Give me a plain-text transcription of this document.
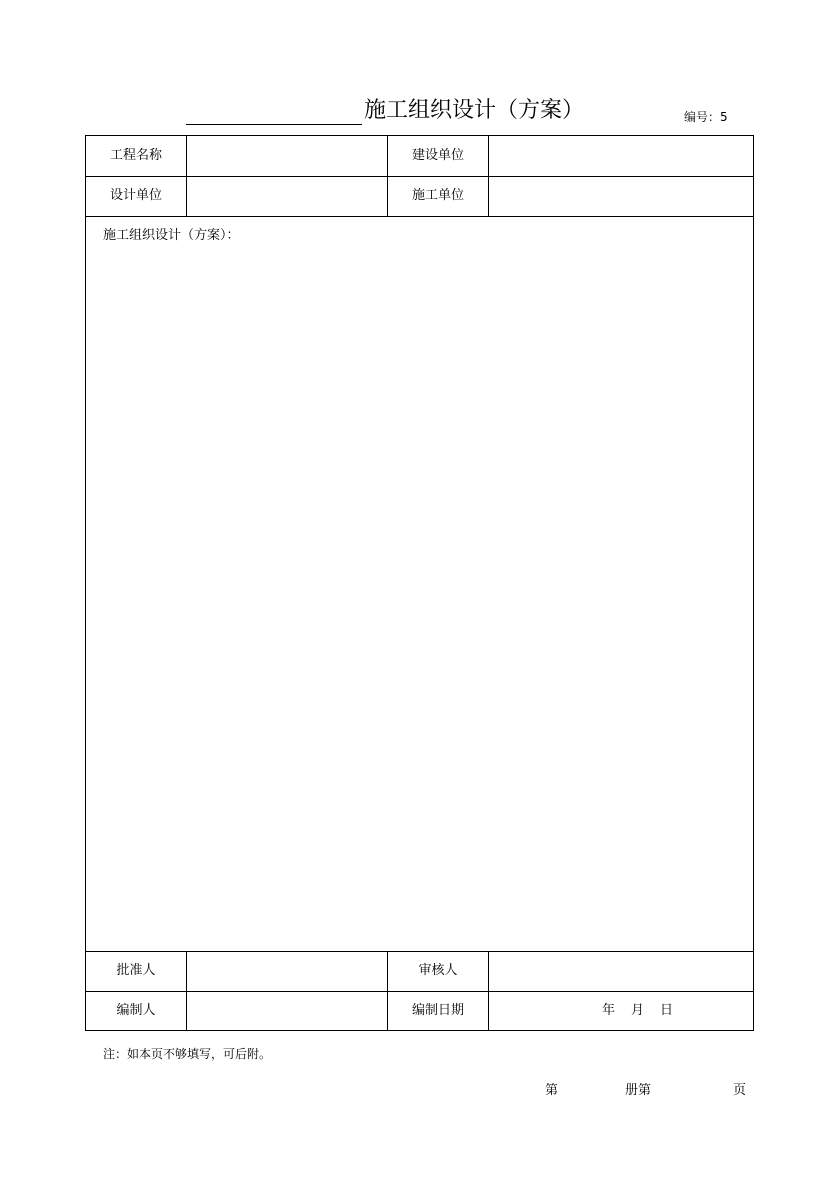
施工组织设计（方案）	编号：5
工程名称	建设单位
设计单位	施工单位
施工组织设计（方案）：
批准人	审核人
编制人	编制日期	年 月 日
注：如本页不够填写，可后附。
第	册第	页
